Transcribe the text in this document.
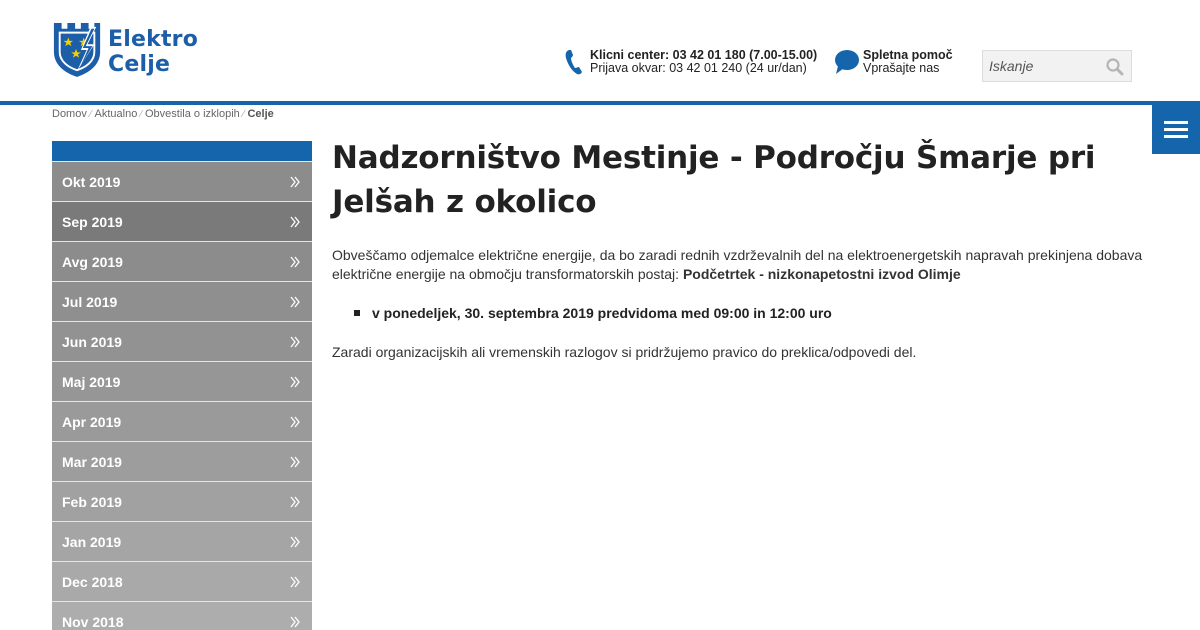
Elektro Celje	Klicni center: 03 42 01 180 (7.00-15.00)
Prijava okvar: 03 42 01 240 (24 ur/dan)
Spletna pomoč
Vprašajte nas
Iskanje
Domov ⁄ Aktualno ⁄ Obvestila o izklopih ⁄ Celje
Okt 2019
Sep 2019
Avg 2019
Jul 2019
Jun 2019
Maj 2019
Apr 2019
Mar 2019
Feb 2019
Jan 2019
Dec 2018
Nov 2018
Nadzorništvo Mestinje - Področju Šmarje pri Jelšah z okolico

Obveščamo odjemalce električne energije, da bo zaradi rednih vzdrževalnih del na elektroenergetskih napravah prekinjena dobava električne energije na območju transformatorskih postaj: Podčetrtek - nizkonapetostni izvod Olimje

v ponedeljek, 30. septembra 2019 predvidoma med 09:00 in 12:00 uro

Zaradi organizacijskih ali vremenskih razlogov si pridržujemo pravico do preklica/odpovedi del.
